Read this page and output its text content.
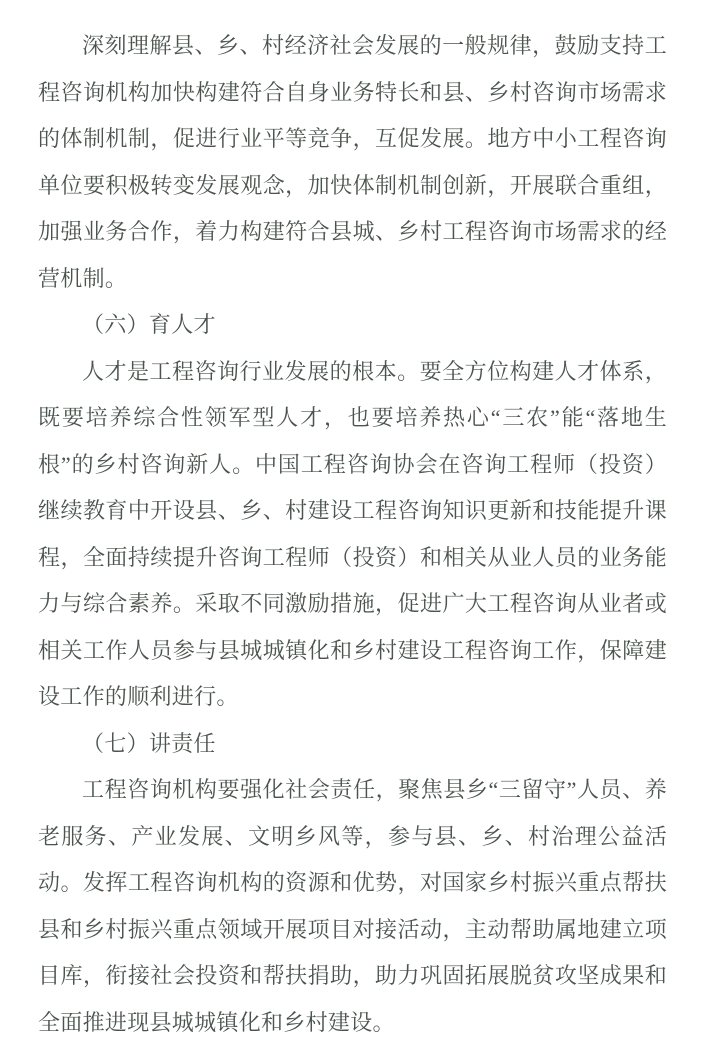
深刻理解县、乡、村经济社会发展的一般规律，鼓励支持工程咨询机构加快构建符合自身业务特长和县、乡村咨询市场需求的体制机制，促进行业平等竞争，互促发展。地方中小工程咨询单位要积极转变发展观念，加快体制机制创新，开展联合重组，加强业务合作，着力构建符合县城、乡村工程咨询市场需求的经营机制。

（六）育人才

人才是工程咨询行业发展的根本。要全方位构建人才体系，既要培养综合性领军型人才，也要培养热心“三农”能“落地生根”的乡村咨询新人。中国工程咨询协会在咨询工程师（投资）继续教育中开设县、乡、村建设工程咨询知识更新和技能提升课程，全面持续提升咨询工程师（投资）和相关从业人员的业务能力与综合素养。采取不同激励措施，促进广大工程咨询从业者或相关工作人员参与县城城镇化和乡村建设工程咨询工作，保障建设工作的顺利进行。

（七）讲责任

工程咨询机构要强化社会责任，聚焦县乡“三留守”人员、养老服务、产业发展、文明乡风等，参与县、乡、村治理公益活动。发挥工程咨询机构的资源和优势，对国家乡村振兴重点帮扶县和乡村振兴重点领域开展项目对接活动，主动帮助属地建立项目库，衔接社会投资和帮扶捐助，助力巩固拓展脱贫攻坚成果和全面推进现县城城镇化和乡村建设。
